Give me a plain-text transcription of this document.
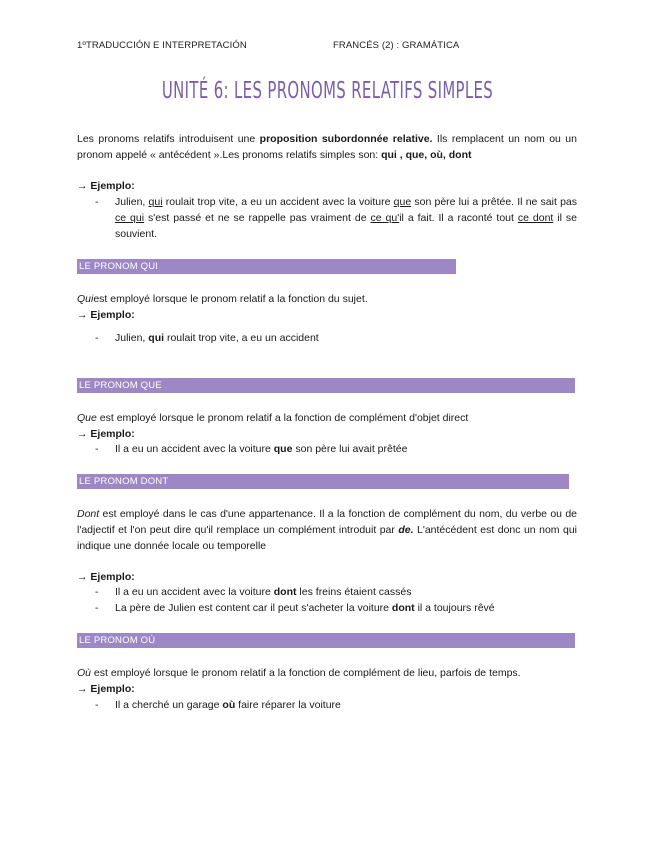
1ºTRADUCCIÓN E INTERPRETACIÓN	FRANCÉS (2) : GRAMÁTICA
UNITÉ 6: LES PRONOMS RELATIFS SIMPLES
Les pronoms relatifs introduisent une proposition subordonnée relative. Ils remplacent un nom ou un pronom appelé « antécédent ».Les pronoms relatifs simples son: qui , que, où, dont
→ Ejemplo:
- Julien, qui roulait trop vite, a eu un accident avec la voiture que son père lui a prêtée. Il ne sait pas ce qui s'est passé et ne se rappelle pas vraiment de ce qu'il a fait. Il a raconté tout ce dont il se souvient.
LE PRONOM QUI
Quiest employé lorsque le pronom relatif a la fonction du sujet.
→ Ejemplo:
- Julien, qui roulait trop vite, a eu un accident
LE PRONOM QUE
Que est employé lorsque le pronom relatif a la fonction de complément d'objet direct
→ Ejemplo:
- Il a eu un accident avec la voiture que son père lui avait prêtée
LE PRONOM DONT
Dont est employé dans le cas d'une appartenance. Il a la fonction de complément du nom, du verbe ou de l'adjectif et l'on peut dire qu'il remplace un complément introduit par de. L'antécédent est donc un nom qui indique une donnée locale ou temporelle
→ Ejemplo:
- Il a eu un accident avec la voiture dont les freins étaient cassés
- La père de Julien est content car il peut s'acheter la voiture dont il a toujours rêvé
LE PRONOM OÙ
Où est employé lorsque le pronom relatif a la fonction de complément de lieu, parfois de temps.
→ Ejemplo:
- Il a cherché un garage où faire réparer la voiture
